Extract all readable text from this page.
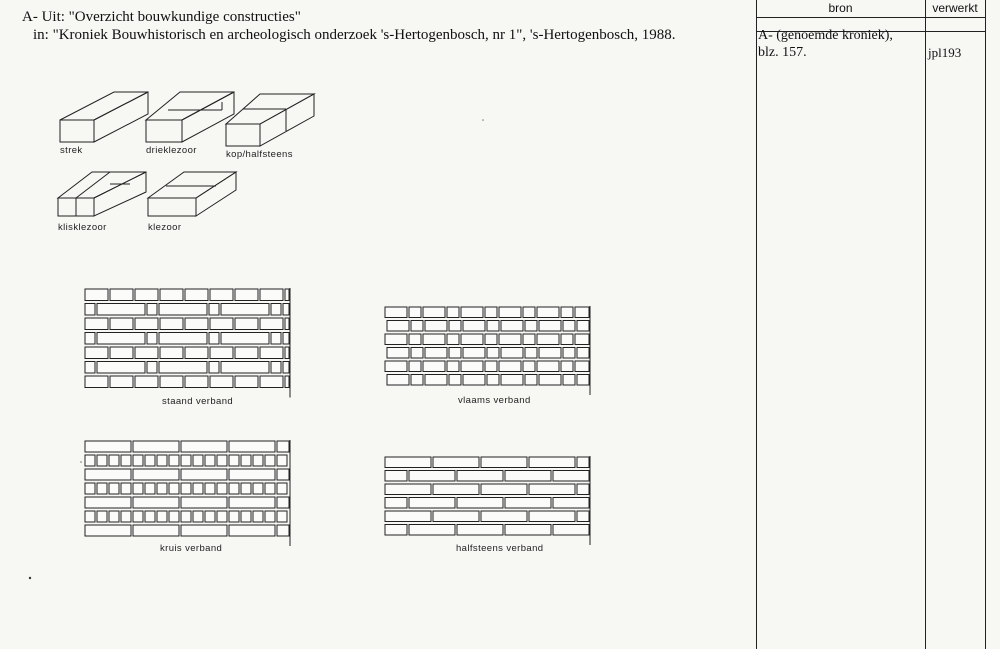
A- Uit: "Overzicht bouwkundige constructies"
in: "Kroniek Bouwhistorisch en archeologisch onderzoek 's-Hertogenbosch, nr 1", 's-Hertogenbosch, 1988.
bron	verwerkt
A- (genoemde kroniek),
blz. 157.	jpl193
strek	drieklezoor	kop/halfsteens
klisklezoor	klezoor
staand verband	vlaams verband
kruis verband	halfsteens verband
